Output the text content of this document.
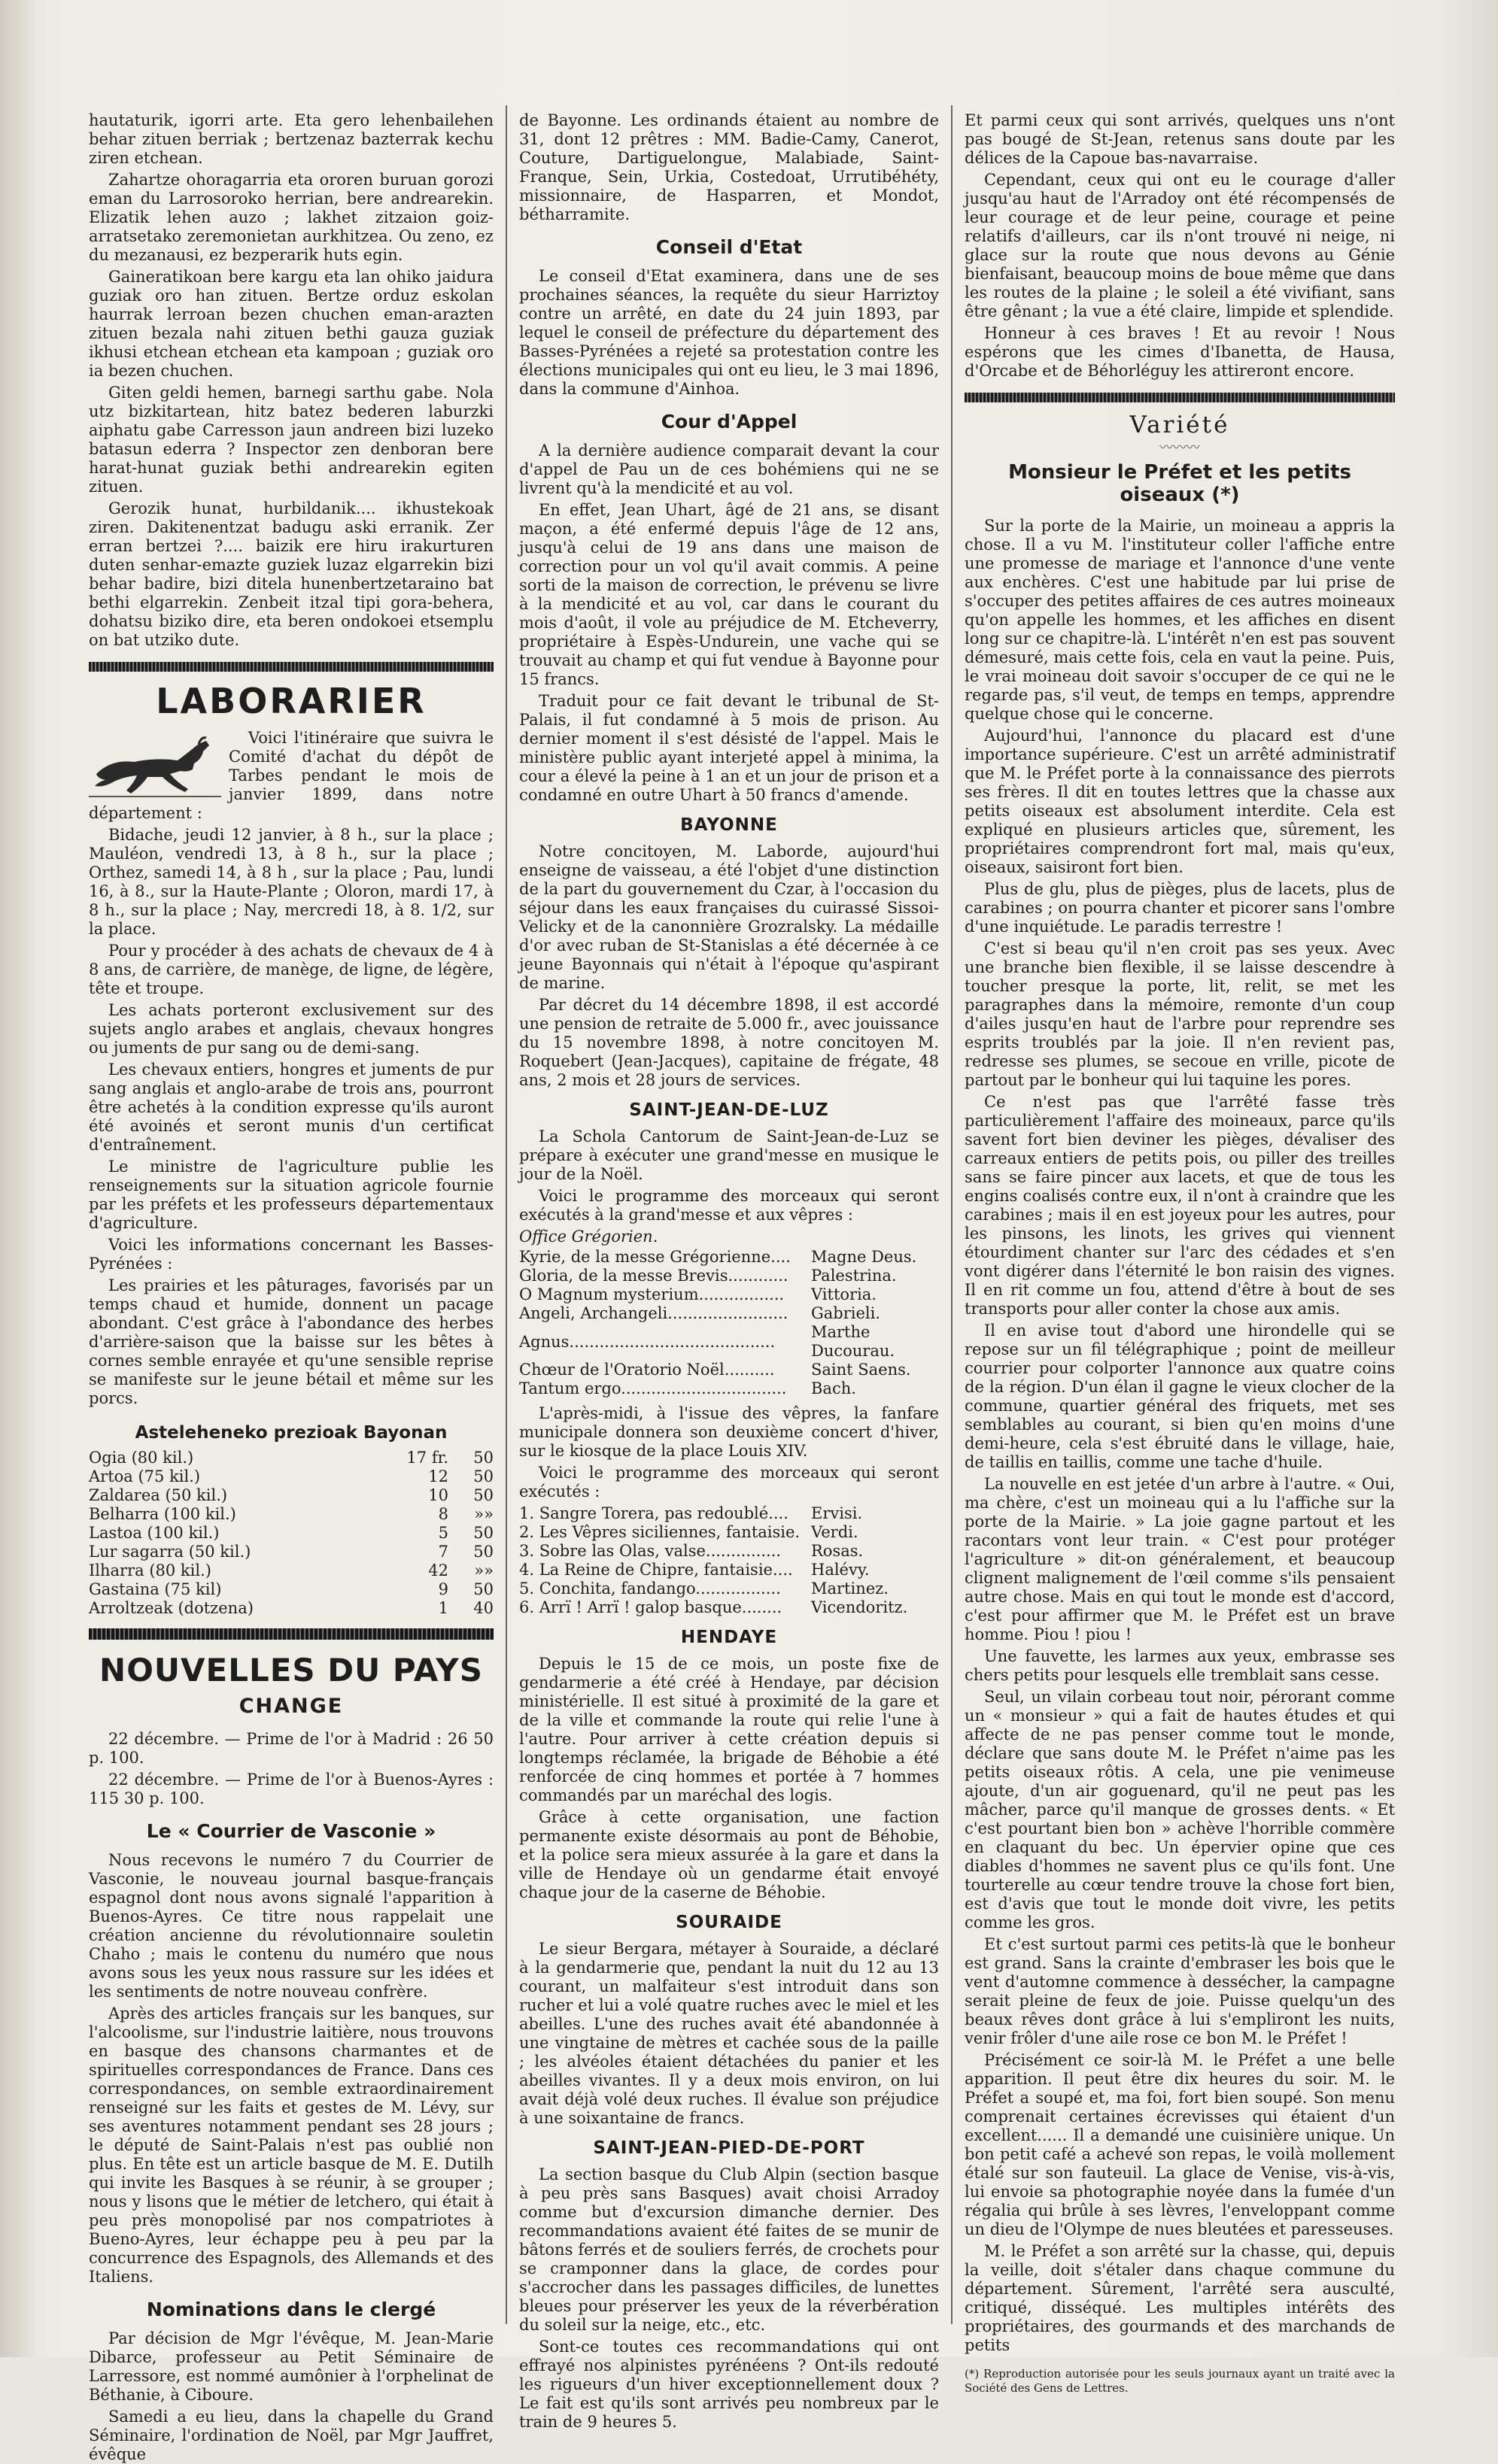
hautaturik, igorri arte. Eta gero lehenbailehen behar zituen berriak ; bertzenaz bazterrak kechu ziren etchean.

Zahartze ohoragarria eta ororen buruan gorozi eman du Larrosoroko herrian, bere andrearekin. Elizatik lehen auzo ; lakhet zitzaion goiz-arratsetako zeremonietan aurkhitzea. Ou zeno, ez du mezanausi, ez bezperarik huts egin.

Gaineratikoan bere kargu eta lan ohiko jaidura guziak oro han zituen. Bertze orduz eskolan haurrak lerroan bezen chuchen eman-arazten zituen bezala nahi zituen bethi gauza guziak ikhusi etchean etchean eta kampoan ; guziak oro ia bezen chuchen.

Giten geldi hemen, barnegi sarthu gabe. Nola utz bizkitartean, hitz batez bederen laburzki aiphatu gabe Carresson jaun andreen bizi luzeko batasun ederra ? Inspector zen denboran bere harat-hunat guziak bethi andrearekin egiten zituen.

Gerozik hunat, hurbildanik.... ikhustekoak ziren. Dakitenentzat badugu aski erranik. Zer erran bertzei ?.... baizik ere hiru irakurturen duten senhar-emazte guziek luzaz elgarrekin bizi behar badire, bizi ditela hunenbertzetaraino bat bethi elgarrekin. Zenbeit itzal tipi gora-behera, dohatsu biziko dire, eta beren ondokoei etsemplu on bat utziko dute.

LABORARIER

Voici l'itinéraire que suivra le Comité d'achat du dépôt de Tarbes pendant le mois de janvier 1899, dans notre département :

Bidache, jeudi 12 janvier, à 8 h., sur la place ; Mauléon, vendredi 13, à 8 h., sur la place ; Orthez, samedi 14, à 8 h , sur la place ; Pau, lundi 16, à 8., sur la Haute-Plante ; Oloron, mardi 17, à 8 h., sur la place ; Nay, mercredi 18, à 8. 1/2, sur la place.

Pour y procéder à des achats de chevaux de 4 à 8 ans, de carrière, de manège, de ligne, de légère, tête et troupe.

Les achats porteront exclusivement sur des sujets anglo arabes et anglais, chevaux hongres ou juments de pur sang ou de demi-sang.

Les chevaux entiers, hongres et juments de pur sang anglais et anglo-arabe de trois ans, pourront être achetés à la condition expresse qu'ils auront été avoinés et seront munis d'un certificat d'entraînement.

Le ministre de l'agriculture publie les renseignements sur la situation agricole fournie par les préfets et les professeurs départementaux d'agriculture.

Voici les informations concernant les Basses-Pyrénées :

Les prairies et les pâturages, favorisés par un temps chaud et humide, donnent un pacage abondant. C'est grâce à l'abondance des herbes d'arrière-saison que la baisse sur les bêtes à cornes semble enrayée et qu'une sensible reprise se manifeste sur le jeune bétail et même sur les porcs.

Asteleheneko prezioak Bayonan
Ogia (80 kil.)	17 fr.	50
Artoa (75 kil.)	12	50
Zaldarea (50 kil.)	10	50
Belharra (100 kil.)	8	»»
Lastoa (100 kil.)	5	50
Lur sagarra (50 kil.)	7	50
Ilharra (80 kil.)	42	»»
Gastaina (75 kil)	9	50
Arroltzeak (dotzena)	1	40
NOUVELLES DU PAYS
CHANGE

22 décembre. — Prime de l'or à Madrid : 26 50 p. 100.

22 décembre. — Prime de l'or à Buenos-Ayres : 115 30 p. 100.

Le « Courrier de Vasconie »

Nous recevons le numéro 7 du Courrier de Vasconie, le nouveau journal basque-français espagnol dont nous avons signalé l'apparition à Buenos-Ayres. Ce titre nous rappelait une création ancienne du révolutionnaire souletin Chaho ; mais le contenu du numéro que nous avons sous les yeux nous rassure sur les idées et les sentiments de notre nouveau confrère.

Après des articles français sur les banques, sur l'alcoolisme, sur l'industrie laitière, nous trouvons en basque des chansons charmantes et de spirituelles correspondances de France. Dans ces correspondances, on semble extraordinairement renseigné sur les faits et gestes de M. Lévy, sur ses aventures notamment pendant ses 28 jours ; le député de Saint-Palais n'est pas oublié non plus. En tête est un article basque de M. E. Dutilh qui invite les Basques à se réunir, à se grouper ; nous y lisons que le métier de letchero, qui était à peu près monopolisé par nos compatriotes à Bueno-Ayres, leur échappe peu à peu par la concurrence des Espagnols, des Allemands et des Italiens.

Nominations dans le clergé

Par décision de Mgr l'évêque, M. Jean-Marie Dibarce, professeur au Petit Séminaire de Larressore, est nommé aumônier à l'orphelinat de Béthanie, à Ciboure.

Samedi a eu lieu, dans la chapelle du Grand Séminaire, l'ordination de Noël, par Mgr Jauffret, évêque

de Bayonne. Les ordinands étaient au nombre de 31, dont 12 prêtres : MM. Badie-Camy, Canerot, Couture, Dartiguelongue, Malabiade, Saint-Franque, Sein, Urkia, Costedoat, Urrutibéhéty, missionnaire, de Hasparren, et Mondot, bétharramite.

Conseil d'Etat

Le conseil d'Etat examinera, dans une de ses prochaines séances, la requête du sieur Harriztoy contre un arrêté, en date du 24 juin 1893, par lequel le conseil de préfecture du département des Basses-Pyrénées a rejeté sa protestation contre les élections municipales qui ont eu lieu, le 3 mai 1896, dans la commune d'Ainhoa.

Cour d'Appel

A la dernière audience comparait devant la cour d'appel de Pau un de ces bohémiens qui ne se livrent qu'à la mendicité et au vol.

En effet, Jean Uhart, âgé de 21 ans, se disant maçon, a été enfermé depuis l'âge de 12 ans, jusqu'à celui de 19 ans dans une maison de correction pour un vol qu'il avait commis. A peine sorti de la maison de correction, le prévenu se livre à la mendicité et au vol, car dans le courant du mois d'août, il vole au préjudice de M. Etcheverry, propriétaire à Espès-Undurein, une vache qui se trouvait au champ et qui fut vendue à Bayonne pour 15 francs.

Traduit pour ce fait devant le tribunal de St-Palais, il fut condamné à 5 mois de prison. Au dernier moment il s'est désisté de l'appel. Mais le ministère public ayant interjeté appel à minima, la cour a élevé la peine à 1 an et un jour de prison et a condamné en outre Uhart à 50 francs d'amende.

BAYONNE

Notre concitoyen, M. Laborde, aujourd'hui enseigne de vaisseau, a été l'objet d'une distinction de la part du gouvernement du Czar, à l'occasion du séjour dans les eaux françaises du cuirassé Sissoi-Velicky et de la canonnière Grozralsky. La médaille d'or avec ruban de St-Stanislas a été décernée à ce jeune Bayonnais qui n'était à l'époque qu'aspirant de marine.

Par décret du 14 décembre 1898, il est accordé une pension de retraite de 5.000 fr., avec jouissance du 15 novembre 1898, à notre concitoyen M. Roquebert (Jean-Jacques), capitaine de frégate, 48 ans, 2 mois et 28 jours de services.

SAINT-JEAN-DE-LUZ

La Schola Cantorum de Saint-Jean-de-Luz se prépare à exécuter une grand'messe en musique le jour de la Noël.

Voici le programme des morceaux qui seront exécutés à la grand'messe et aux vêpres :

Office Grégorien.
Kyrie, de la messe Grégorienne....	Magne Deus.
Gloria, de la messe Brevis............	Palestrina.
O Magnum mysterium.................	Vittoria.
Angeli, Archangeli........................	Gabrieli.
Agnus.........................................	Marthe Ducourau.
Chœur de l'Oratorio Noël..........	Saint Saens.
Tantum ergo.................................	Bach.

L'après-midi, à l'issue des vêpres, la fanfare municipale donnera son deuxième concert d'hiver, sur le kiosque de la place Louis XIV.

Voici le programme des morceaux qui seront exécutés :

1. Sangre Torera, pas redoublé....	Ervisi.
2. Les Vêpres siciliennes, fantaisie.	Verdi.
3. Sobre las Olas, valse...............	Rosas.
4. La Reine de Chipre, fantaisie....	Halévy.
5. Conchita, fandango.................	Martinez.
6. Arrï ! Arrï ! galop basque........	Vicendoritz.
HENDAYE

Depuis le 15 de ce mois, un poste fixe de gendarmerie a été créé à Hendaye, par décision ministérielle. Il est situé à proximité de la gare et de la ville et commande la route qui relie l'une à l'autre. Pour arriver à cette création depuis si longtemps réclamée, la brigade de Béhobie a été renforcée de cinq hommes et portée à 7 hommes commandés par un maréchal des logis.

Grâce à cette organisation, une faction permanente existe désormais au pont de Béhobie, et la police sera mieux assurée à la gare et dans la ville de Hendaye où un gendarme était envoyé chaque jour de la caserne de Béhobie.

SOURAIDE

Le sieur Bergara, métayer à Souraide, a déclaré à la gendarmerie que, pendant la nuit du 12 au 13 courant, un malfaiteur s'est introduit dans son rucher et lui a volé quatre ruches avec le miel et les abeilles. L'une des ruches avait été abandonnée à une vingtaine de mètres et cachée sous de la paille ; les alvéoles étaient détachées du panier et les abeilles vivantes. Il y a deux mois environ, on lui avait déjà volé deux ruches. Il évalue son préjudice à une soixantaine de francs.

SAINT-JEAN-PIED-DE-PORT

La section basque du Club Alpin (section basque à peu près sans Basques) avait choisi Arradoy comme but d'excursion dimanche dernier. Des recommandations avaient été faites de se munir de bâtons ferrés et de souliers ferrés, de crochets pour se cramponner dans la glace, de cordes pour s'accrocher dans les passages difficiles, de lunettes bleues pour préserver les yeux de la réverbération du soleil sur la neige, etc., etc.

Sont-ce toutes ces recommandations qui ont effrayé nos alpinistes pyrénéens ? Ont-ils redouté les rigueurs d'un hiver exceptionnellement doux ? Le fait est qu'ils sont arrivés peu nombreux par le train de 9 heures 5.

Et parmi ceux qui sont arrivés, quelques uns n'ont pas bougé de St-Jean, retenus sans doute par les délices de la Capoue bas-navarraise.

Cependant, ceux qui ont eu le courage d'aller jusqu'au haut de l'Arradoy ont été récompensés de leur courage et de leur peine, courage et peine relatifs d'ailleurs, car ils n'ont trouvé ni neige, ni glace sur la route que nous devons au Génie bienfaisant, beaucoup moins de boue même que dans les routes de la plaine ; le soleil a été vivifiant, sans être gênant ; la vue a été claire, limpide et splendide.

Honneur à ces braves ! Et au revoir ! Nous espérons que les cimes d'Ibanetta, de Hausa, d'Orcabe et de Béhorléguy les attireront encore.

Variété
〰〰〰
Monsieur le Préfet et les petits oiseaux (*)

Sur la porte de la Mairie, un moineau a appris la chose. Il a vu M. l'instituteur coller l'affiche entre une promesse de mariage et l'annonce d'une vente aux enchères. C'est une habitude par lui prise de s'occuper des petites affaires de ces autres moineaux qu'on appelle les hommes, et les affiches en disent long sur ce chapitre-là. L'intérêt n'en est pas souvent démesuré, mais cette fois, cela en vaut la peine. Puis, le vrai moineau doit savoir s'occuper de ce qui ne le regarde pas, s'il veut, de temps en temps, apprendre quelque chose qui le concerne.

Aujourd'hui, l'annonce du placard est d'une importance supérieure. C'est un arrêté administratif que M. le Préfet porte à la connaissance des pierrots ses frères. Il dit en toutes lettres que la chasse aux petits oiseaux est absolument interdite. Cela est expliqué en plusieurs articles que, sûrement, les propriétaires comprendront fort mal, mais qu'eux, oiseaux, saisiront fort bien.

Plus de glu, plus de pièges, plus de lacets, plus de carabines ; on pourra chanter et picorer sans l'ombre d'une inquiétude. Le paradis terrestre !

C'est si beau qu'il n'en croit pas ses yeux. Avec une branche bien flexible, il se laisse descendre à toucher presque la porte, lit, relit, se met les paragraphes dans la mémoire, remonte d'un coup d'ailes jusqu'en haut de l'arbre pour reprendre ses esprits troublés par la joie. Il n'en revient pas, redresse ses plumes, se secoue en vrille, picote de partout par le bonheur qui lui taquine les pores.

Ce n'est pas que l'arrêté fasse très particulièrement l'affaire des moineaux, parce qu'ils savent fort bien deviner les pièges, dévaliser des carreaux entiers de petits pois, ou piller des treilles sans se faire pincer aux lacets, et que de tous les engins coalisés contre eux, il n'ont à craindre que les carabines ; mais il en est joyeux pour les autres, pour les pinsons, les linots, les grives qui viennent étourdiment chanter sur l'arc des cédades et s'en vont digérer dans l'éternité le bon raisin des vignes. Il en rit comme un fou, attend d'être à bout de ses transports pour aller conter la chose aux amis.

Il en avise tout d'abord une hirondelle qui se repose sur un fil télégraphique ; point de meilleur courrier pour colporter l'annonce aux quatre coins de la région. D'un élan il gagne le vieux clocher de la commune, quartier général des friquets, met ses semblables au courant, si bien qu'en moins d'une demi-heure, cela s'est ébruité dans le village, haie, de taillis en taillis, comme une tache d'huile.

La nouvelle en est jetée d'un arbre à l'autre. « Oui, ma chère, c'est un moineau qui a lu l'affiche sur la porte de la Mairie. » La joie gagne partout et les racontars vont leur train. « C'est pour protéger l'agriculture » dit-on généralement, et beaucoup clignent malignement de l'œil comme s'ils pensaient autre chose. Mais en qui tout le monde est d'accord, c'est pour affirmer que M. le Préfet est un brave homme. Piou ! piou !

Une fauvette, les larmes aux yeux, embrasse ses chers petits pour lesquels elle tremblait sans cesse.

Seul, un vilain corbeau tout noir, pérorant comme un « monsieur » qui a fait de hautes études et qui affecte de ne pas penser comme tout le monde, déclare que sans doute M. le Préfet n'aime pas les petits oiseaux rôtis. A cela, une pie venimeuse ajoute, d'un air goguenard, qu'il ne peut pas les mâcher, parce qu'il manque de grosses dents. « Et c'est pourtant bien bon » achève l'horrible commère en claquant du bec. Un épervier opine que ces diables d'hommes ne savent plus ce qu'ils font. Une tourterelle au cœur tendre trouve la chose fort bien, est d'avis que tout le monde doit vivre, les petits comme les gros.

Et c'est surtout parmi ces petits-là que le bonheur est grand. Sans la crainte d'embraser les bois que le vent d'automne commence à dessécher, la campagne serait pleine de feux de joie. Puisse quelqu'un des beaux rêves dont grâce à lui s'empliront les nuits, venir frôler d'une aile rose ce bon M. le Préfet !

Précisément ce soir-là M. le Préfet a une belle apparition. Il peut être dix heures du soir. M. le Préfet a soupé et, ma foi, fort bien soupé. Son menu comprenait certaines écrevisses qui étaient d'un excellent...... Il a demandé une cuisinière unique. Un bon petit café a achevé son repas, le voilà mollement étalé sur son fauteuil. La glace de Venise, vis-à-vis, lui envoie sa photographie noyée dans la fumée d'un régalia qui brûle à ses lèvres, l'enveloppant comme un dieu de l'Olympe de nues bleutées et paresseuses.

M. le Préfet a son arrêté sur la chasse, qui, depuis la veille, doit s'étaler dans chaque commune du département. Sûrement, l'arrêté sera ausculté, critiqué, disséqué. Les multiples intérêts des propriétaires, des gourmands et des marchands de petits

(*) Reproduction autorisée pour les seuls journaux ayant un traité avec la Société des Gens de Lettres.
